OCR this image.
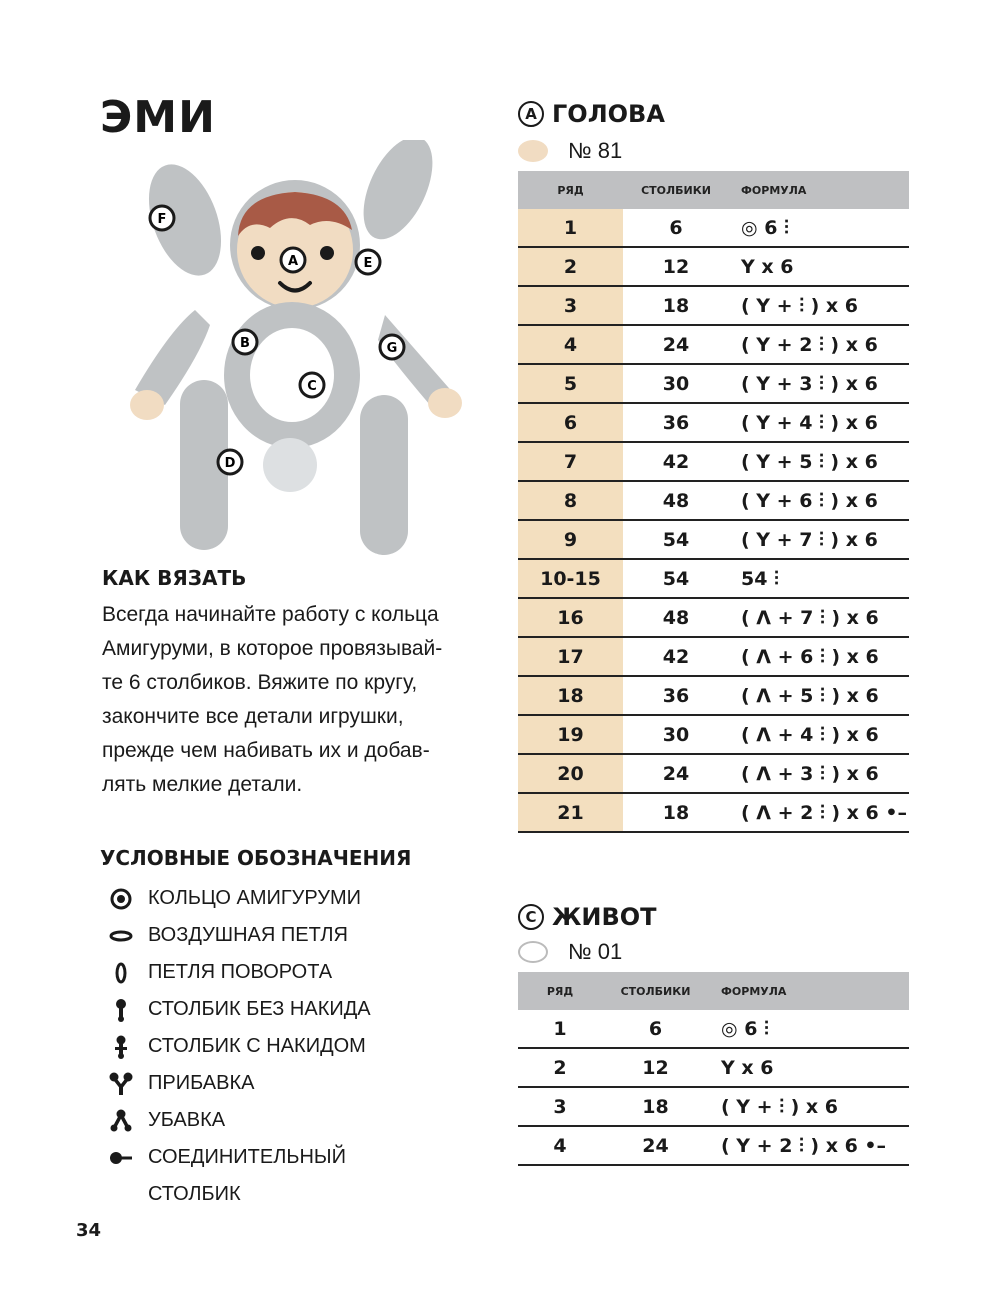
ЭМИ
F
A	E
B	G
C
D
КАК ВЯЗАТЬ
Всегда начинайте работу с кольца
Амигуруми, в которое провязывай-
те 6 столбиков. Вяжите по кругу,
закончите все детали игрушки,
прежде чем набивать их и добав-
лять мелкие детали.
УСЛОВНЫЕ ОБОЗНАЧЕНИЯ
КОЛЬЦО АМИГУРУМИ
ВОЗДУШНАЯ ПЕТЛЯ
ПЕТЛЯ ПОВОРОТА
СТОЛБИК БЕЗ НАКИДА
СТОЛБИК С НАКИДОМ
ПРИБАВКА
УБАВКА
СОЕДИНИТЕЛЬНЫЙ
СТОЛБИК
34
A ГОЛОВА
№ 81
РЯД	СТОЛБИКИ	ФОРМУЛА
1	6	◎ 6 ⫶
2	12	Y x 6
3	18	( Y + ⫶ ) x 6
4	24	( Y + 2 ⫶ ) x 6
5	30	( Y + 3 ⫶ ) x 6
6	36	( Y + 4 ⫶ ) x 6
7	42	( Y + 5 ⫶ ) x 6
8	48	( Y + 6 ⫶ ) x 6
9	54	( Y + 7 ⫶ ) x 6
10-15	54	54 ⫶
16	48	( Λ + 7 ⫶ ) x 6
17	42	( Λ + 6 ⫶ ) x 6
18	36	( Λ + 5 ⫶ ) x 6
19	30	( Λ + 4 ⫶ ) x 6
20	24	( Λ + 3 ⫶ ) x 6
21	18	( Λ + 2 ⫶ ) x 6 •–
C ЖИВОТ
№ 01
РЯД	СТОЛБИКИ	ФОРМУЛА
1	6	◎ 6 ⫶
2	12	Y x 6
3	18	( Y + ⫶ ) x 6
4	24	( Y + 2 ⫶ ) x 6 •–
